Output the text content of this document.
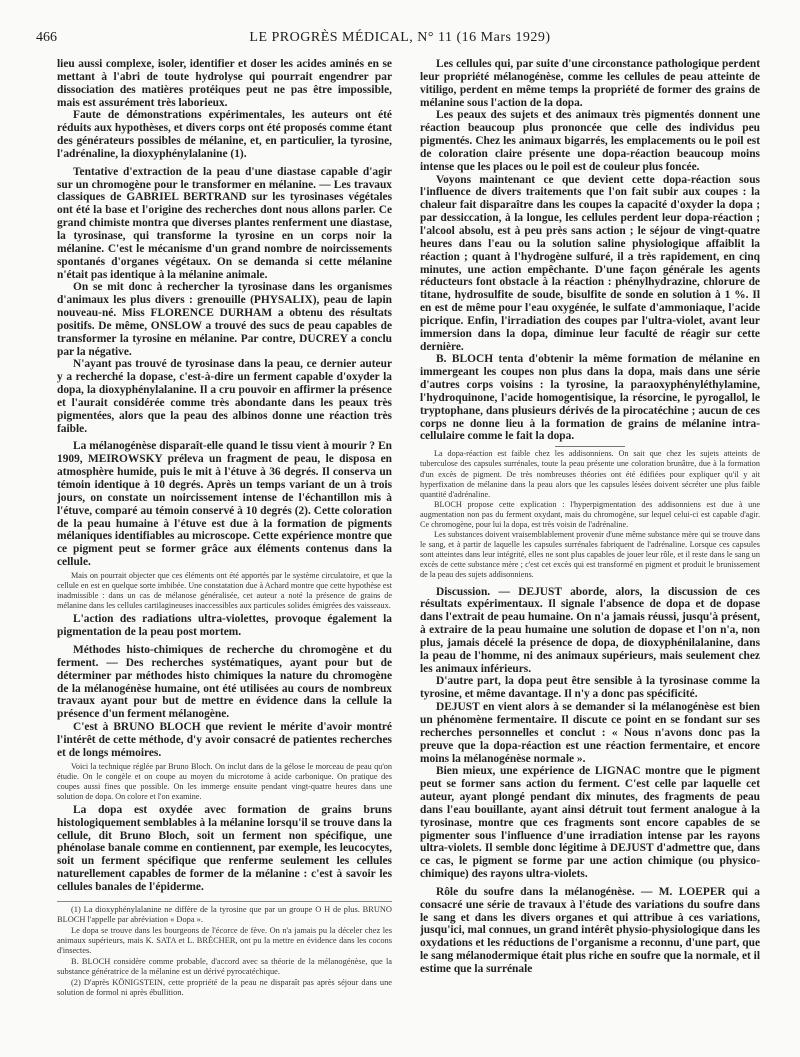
466	LE PROGRÈS MÉDICAL, N° 11 (16 Mars 1929)

lieu aussi complexe, isoler, identifier et doser les acides aminés en se mettant à l'abri de toute hydrolyse qui pourrait engendrer par dissociation des matières protéiques peut ne pas être impossible, mais est assurément très laborieux.

Faute de démonstrations expérimentales, les auteurs ont été réduits aux hypothèses, et divers corps ont été proposés comme étant des générateurs possibles de mélanine, et, en particulier, la tyrosine, l'adrénaline, la dioxyphénylalanine (1).

Tentative d'extraction de la peau d'une diastase capable d'agir sur un chromogène pour le transformer en mélanine. — Les travaux classiques de GABRIEL BERTRAND sur les tyrosinases végétales ont été la base et l'origine des recherches dont nous allons parler. Ce grand chimiste montra que diverses plantes renferment une diastase, la tyrosinase, qui transforme la tyrosine en un corps noir la mélanine. C'est le mécanisme d'un grand nombre de noircissements spontanés d'organes végétaux. On se demanda si cette mélanine n'était pas identique à la mélanine animale.

On se mit donc à rechercher la tyrosinase dans les organismes d'animaux les plus divers : grenouille (PHYSALIX), peau de lapin nouveau-né. Miss FLORENCE DURHAM a obtenu des résultats positifs. De même, ONSLOW a trouvé des sucs de peau capables de transformer la tyrosine en mélanine. Par contre, DUCREY a conclu par la négative.

N'ayant pas trouvé de tyrosinase dans la peau, ce dernier auteur y a recherché la dopase, c'est-à-dire un ferment capable d'oxyder la dopa, la dioxyphénylalanine. Il a cru pouvoir en affirmer la présence et l'aurait considérée comme très abondante dans les peaux très pigmentées, alors que la peau des albinos donne une réaction très faible.

La mélanogénèse disparaît-elle quand le tissu vient à mourir ? En 1909, MEIROWSKY préleva un fragment de peau, le disposa en atmosphère humide, puis le mit à l'étuve à 36 degrés. Il conserva un témoin identique à 10 degrés. Après un temps variant de un à trois jours, on constate un noircissement intense de l'échantillon mis à l'étuve, comparé au témoin conservé à 10 degrés (2). Cette coloration de la peau humaine à l'étuve est due à la formation de pigments mélaniques identifiables au microscope. Cette expérience montre que ce pigment peut se former grâce aux éléments contenus dans la cellule.

Mais on pourrait objecter que ces éléments ont été apportés par le système circulatoire, et que la cellule en est en quelque sorte imbibée. Une constatation due à Achard montre que cette hypothèse est inadmissible : dans un cas de mélanose généralisée, cet auteur a noté la présence de grains de mélanine dans les cellules cartilagineuses inaccessibles aux particules solides émigrées des vaisseaux.

L'action des radiations ultra-violettes, provoque également la pigmentation de la peau post mortem.

Méthodes histo-chimiques de recherche du chromogène et du ferment. — Des recherches systématiques, ayant pour but de déterminer par méthodes histo chimiques la nature du chromogène de la mélanogénèse humaine, ont été utilisées au cours de nombreux travaux ayant pour but de mettre en évidence dans la cellule la présence d'un ferment mélanogène.

C'est à BRUNO BLOCH que revient le mérite d'avoir montré l'intérêt de cette méthode, d'y avoir consacré de patientes recherches et de longs mémoires.

Voici la technique réglée par Bruno Bloch. On inclut dans de la gélose le morceau de peau qu'on étudie. On le congèle et on coupe au moyen du microtome à acide carbonique. On pratique des coupes aussi fines que possible. On les immerge ensuite pendant vingt-quatre heures dans une solution de dopa. On colore et l'on examine.

La dopa est oxydée avec formation de grains bruns histologiquement semblables à la mélanine lorsqu'il se trouve dans la cellule, dit Bruno Bloch, soit un ferment non spécifique, une phénolase banale comme en contiennent, par exemple, les leucocytes, soit un ferment spécifique que renferme seulement les cellules naturellement capables de former de la mélanine : c'est à savoir les cellules banales de l'épiderme.

(1) La dioxyphénylalanine ne diffère de la tyrosine que par un groupe O H de plus. BRUNO BLOCH l'appelle par abréviation « Dopa ».

Le dopa se trouve dans les bourgeons de l'écorce de fève. On n'a jamais pu la déceler chez les animaux supérieurs, mais K. SATA et L. BRÉCHER, ont pu la mettre en évidence dans les cocons d'insectes.

B. BLOCH considère comme probable, d'accord avec sa théorie de la mélanogénèse, que la substance génératrice de la mélanine est un dérivé pyrocatéchique.

(2) D'après KÖNIGSTEIN, cette propriété de la peau ne disparaît pas après séjour dans une solution de formol ni après ébullition.

Les cellules qui, par suite d'une circonstance pathologique perdent leur propriété mélanogénèse, comme les cellules de peau atteinte de vitiligo, perdent en même temps la propriété de former des grains de mélanine sous l'action de la dopa.

Les peaux des sujets et des animaux très pigmentés donnent une réaction beaucoup plus prononcée que celle des individus peu pigmentés. Chez les animaux bigarrés, les emplacements ou le poil est de coloration claire présente une dopa-réaction beaucoup moins intense que les places ou le poil est de couleur plus foncée.

Voyons maintenant ce que devient cette dopa-réaction sous l'influence de divers traitements que l'on fait subir aux coupes : la chaleur fait disparaître dans les coupes la capacité d'oxyder la dopa ; par dessiccation, à la longue, les cellules perdent leur dopa-réaction ; l'alcool absolu, est à peu près sans action ; le séjour de vingt-quatre heures dans l'eau ou la solution saline physiologique affaiblit la réaction ; quant à l'hydrogène sulfuré, il a très rapidement, en cinq minutes, une action empêchante. D'une façon générale les agents réducteurs font obstacle à la réaction : phénylhydrazine, chlorure de titane, hydrosulfite de soude, bisulfite de sonde en solution à 1 %. Il en est de même pour l'eau oxygénée, le sulfate d'ammoniaque, l'acide picrique. Enfin, l'irradiation des coupes par l'ultra-violet, avant leur immersion dans la dopa, diminue leur faculté de réagir sur cette dernière.

B. BLOCH tenta d'obtenir la même formation de mélanine en immergeant les coupes non plus dans la dopa, mais dans une série d'autres corps voisins : la tyrosine, la paraoxyphényléthylamine, l'hydroquinone, l'acide homogentisique, la résorcine, le pyrogallol, le tryptophane, dans plusieurs dérivés de la pirocatéchine ; aucun de ces corps ne donne lieu à la formation de grains de mélanine intra-cellulaire comme le fait la dopa.

La dopa-réaction est faible chez les addisonniens. On sait que chez les sujets atteints de tuberculose des capsules surrénales, toute la peau présente une coloration brunâtre, due à la formation d'un excès de pigment. De très nombreuses théories ont été édifiées pour expliquer qu'il y ait hyperfixation de mélanine dans la peau alors que les capsules lésées doivent sécréter une plus faible quantité d'adrénaline.

BLOCH propose cette explication : l'hyperpigmentation des addisonniens est due à une augmentation non pas du ferment oxydant, mais du chromogène, sur lequel celui-ci est capable d'agir. Ce chromogène, pour lui la dopa, est très voisin de l'adrénaline.

Les substances doivent vraisemblablement provenir d'une même substance mère qui se trouve dans le sang, et à partir de laquelle les capsules surrénales fabriquent de l'adrénaline. Lorsque ces capsules sont atteintes dans leur intégrité, elles ne sont plus capables de jouer leur rôle, et il reste dans le sang un excès de cette substance mère ; c'est cet excès qui est transformé en pigment et produit le brunissement de la peau des sujets addisonniens.

Discussion. — DEJUST aborde, alors, la discussion de ces résultats expérimentaux. Il signale l'absence de dopa et de dopase dans l'extrait de peau humaine. On n'a jamais réussi, jusqu'à présent, à extraire de la peau humaine une solution de dopase et l'on n'a, non plus, jamais décelé la présence de dopa, de dioxyphénilalanine, dans la peau de l'homme, ni des animaux supérieurs, mais seulement chez les animaux inférieurs.

D'autre part, la dopa peut être sensible à la tyrosinase comme la tyrosine, et même davantage. Il n'y a donc pas spécificité.

DEJUST en vient alors à se demander si la mélanogénèse est bien un phénomène fermentaire. Il discute ce point en se fondant sur ses recherches personnelles et conclut : « Nous n'avons donc pas la preuve que la dopa-réaction est une réaction fermentaire, et encore moins la mélanogénèse normale ».

Bien mieux, une expérience de LIGNAC montre que le pigment peut se former sans action du ferment. C'est celle par laquelle cet auteur, ayant plongé pendant dix minutes, des fragments de peau dans l'eau bouillante, ayant ainsi détruit tout ferment analogue à la tyrosinase, montre que ces fragments sont encore capables de se pigmenter sous l'influence d'une irradiation intense par les rayons ultra-violets. Il semble donc légitime à DEJUST d'admettre que, dans ce cas, le pigment se forme par une action chimique (ou physico-chimique) des rayons ultra-violets.

Rôle du soufre dans la mélanogénèse. — M. LOEPER qui a consacré une série de travaux à l'étude des variations du soufre dans le sang et dans les divers organes et qui attribue à ces variations, jusqu'ici, mal connues, un grand intérêt physio-physiologique dans les oxydations et les réductions de l'organisme a reconnu, d'une part, que le sang mélanodermique était plus riche en soufre que la normale, et il estime que la surrénale
